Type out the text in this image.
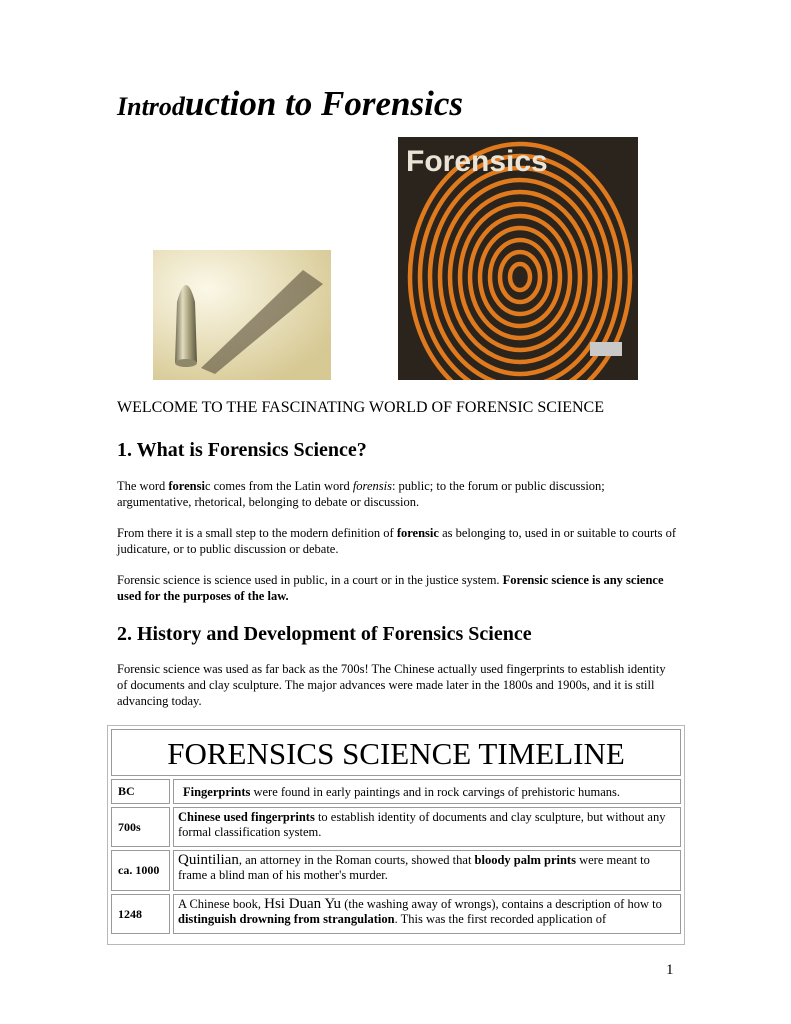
Introduction to Forensics
Forensics

WELCOME TO THE FASCINATING WORLD OF FORENSIC SCIENCE

1. What is Forensics Science?

The word forensic comes from the Latin word forensis: public; to the forum or public discussion; argumentative, rhetorical, belonging to debate or discussion.

From there it is a small step to the modern definition of forensic as belonging to, used in or suitable to courts of judicature, or to public discussion or debate.

Forensic science is science used in public, in a court or in the justice system. Forensic science is any science used for the purposes of the law.

2. History and Development of Forensics Science

Forensic science was used as far back as the 700s! The Chinese actually used fingerprints to establish identity of documents and clay sculpture. The major advances were made later in the 1800s and 1900s, and it is still advancing today.

FORENSICS SCIENCE TIMELINE
BC	Fingerprints were found in early paintings and in rock carvings of prehistoric humans.
700s
Chinese used fingerprints to establish identity of documents and clay sculpture, but without any formal classification system.
ca. 1000
Quintilian, an attorney in the Roman courts, showed that bloody palm prints were meant to frame a blind man of his mother's murder.
1248
A Chinese book, Hsi Duan Yu (the washing away of wrongs), contains a description of how to distinguish drowning from strangulation. This was the first recorded application of

1
